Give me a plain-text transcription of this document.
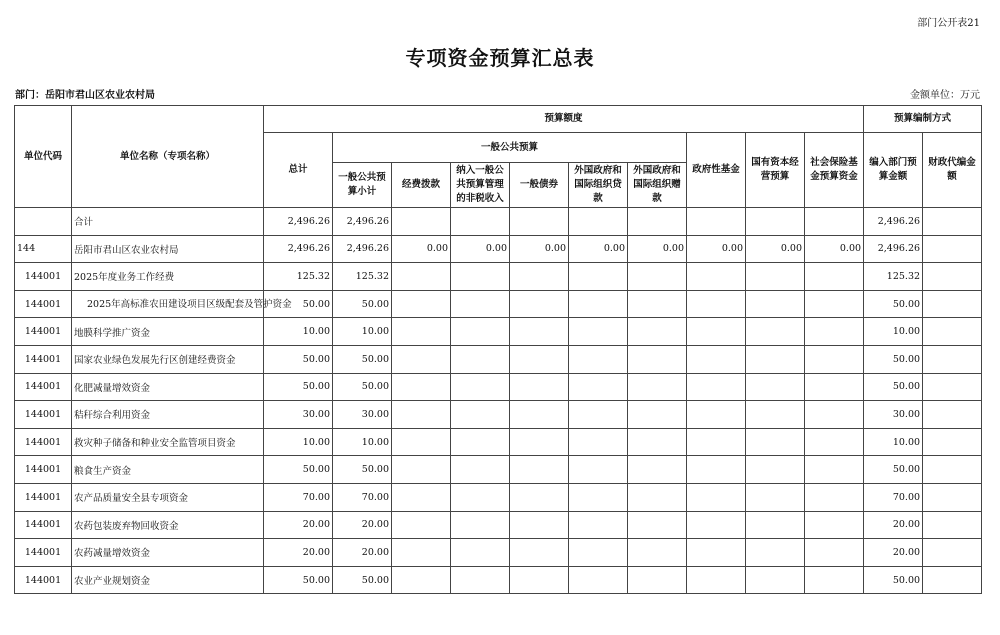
部门公开表21
专项资金预算汇总表
部门：岳阳市君山区农业农村局	金额单位：万元
单位代码	单位名称（专项名称）	预算额度										预算编制方式	
		总计	一般公共预算						政府性基金	国有资本经营预算	社会保险基金预算资金	编入部门预算金额	财政代编金额
			一般公共预算小计	经费拨款	纳入一般公共预算管理的非税收入	一般债券	外国政府和国际组织贷款	外国政府和国际组织赠款					
	合计	2,496.26	2,496.26									2,496.26	
144	岳阳市君山区农业农村局	2,496.26	2,496.26	0.00	0.00	0.00	0.00	0.00	0.00	0.00	0.00	2,496.26	
144001	2025年度业务工作经费	125.32	125.32									125.32	
144001	2025年高标准农田建设项目区级配套及管护资金	50.00	50.00									50.00	
144001	地膜科学推广资金	10.00	10.00									10.00	
144001	国家农业绿色发展先行区创建经费资金	50.00	50.00									50.00	
144001	化肥减量增效资金	50.00	50.00									50.00	
144001	秸秆综合利用资金	30.00	30.00									30.00	
144001	救灾种子储备和种业安全监管项目资金	10.00	10.00									10.00	
144001	粮食生产资金	50.00	50.00									50.00	
144001	农产品质量安全县专项资金	70.00	70.00									70.00	
144001	农药包装废弃物回收资金	20.00	20.00									20.00	
144001	农药减量增效资金	20.00	20.00									20.00	
144001	农业产业规划资金	50.00	50.00									50.00	
